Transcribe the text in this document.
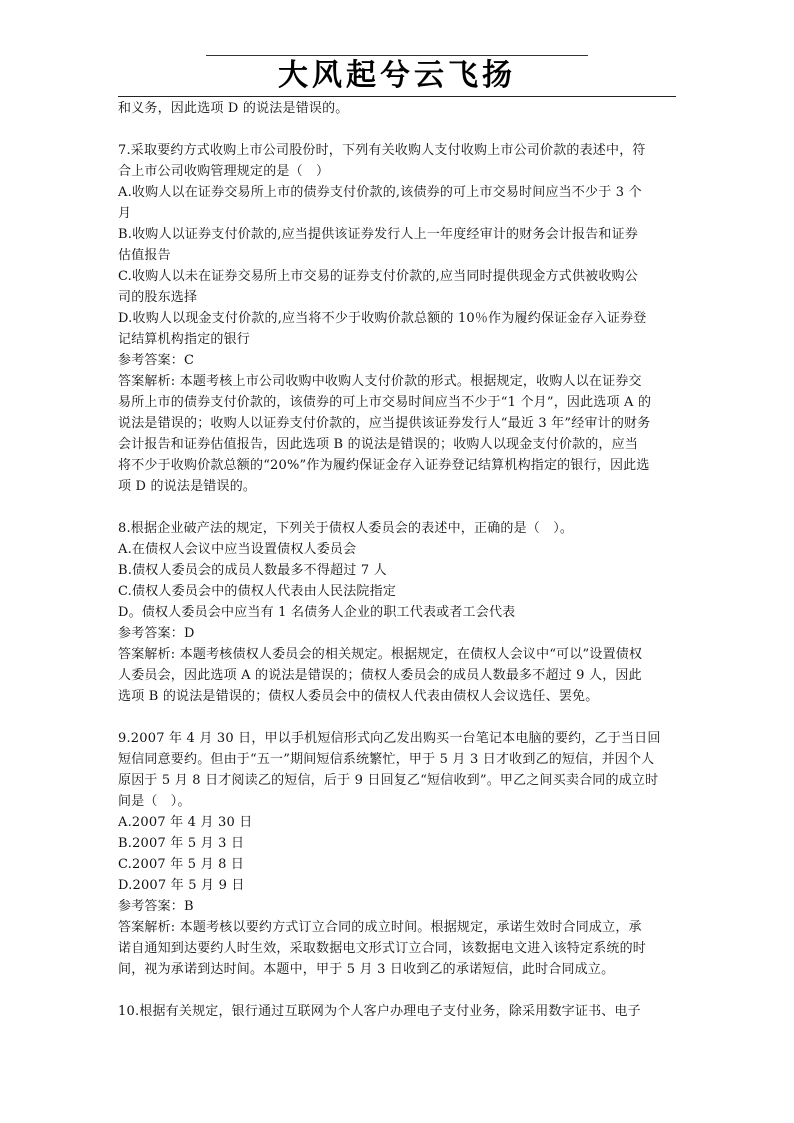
大风起兮云飞扬

和义务，因此选项 D 的说法是错误的。

7.采取要约方式收购上市公司股份时，下列有关收购人支付收购上市公司价款的表述中，符

合上市公司收购管理规定的是（　）

A.收购人以在证券交易所上市的债券支付价款的,该债券的可上市交易时间应当不少于 3 个

月

B.收购人以证券支付价款的,应当提供该证券发行人上一年度经审计的财务会计报告和证券

估值报告

C.收购人以未在证券交易所上市交易的证券支付价款的,应当同时提供现金方式供被收购公

司的股东选择

D.收购人以现金支付价款的,应当将不少于收购价款总额的 10％作为履约保证金存入证券登

记结算机构指定的银行

参考答案：C

答案解析: 本题考核上市公司收购中收购人支付价款的形式。根据规定，收购人以在证券交

易所上市的债券支付价款的，该债券的可上市交易时间应当不少于“1 个月”，因此选项 A 的

说法是错误的；收购人以证券支付价款的，应当提供该证券发行人“最近 3 年”经审计的财务

会计报告和证券估值报告，因此选项 B 的说法是错误的；收购人以现金支付价款的，应当

将不少于收购价款总额的“20%”作为履约保证金存入证券登记结算机构指定的银行，因此选

项 D 的说法是错误的。

8.根据企业破产法的规定，下列关于债权人委员会的表述中，正确的是（　）。

A.在债权人会议中应当设置债权人委员会

B.债权人委员会的成员人数最多不得超过 7 人

C.债权人委员会中的债权人代表由人民法院指定

D。债权人委员会中应当有 1 名债务人企业的职工代表或者工会代表

参考答案：D

答案解析: 本题考核债权人委员会的相关规定。根据规定，在债权人会议中“可以”设置债权

人委员会，因此选项 A 的说法是错误的；债权人委员会的成员人数最多不超过 9 人，因此

选项 B 的说法是错误的；债权人委员会中的债权人代表由债权人会议选任、罢免。

9.2007 年 4 月 30 日，甲以手机短信形式向乙发出购买一台笔记本电脑的要约，乙于当日回

短信同意要约。但由于“五一”期间短信系统繁忙，甲于 5 月 3 日才收到乙的短信，并因个人

原因于 5 月 8 日才阅读乙的短信，后于 9 日回复乙“短信收到”。甲乙之间买卖合同的成立时

间是（　）。

A.2007 年 4 月 30 日

B.2007 年 5 月 3 日

C.2007 年 5 月 8 日

D.2007 年 5 月 9 日

参考答案：B

答案解析: 本题考核以要约方式订立合同的成立时间。根据规定，承诺生效时合同成立，承

诺自通知到达要约人时生效，采取数据电文形式订立合同，该数据电文进入该特定系统的时

间，视为承诺到达时间。本题中，甲于 5 月 3 日收到乙的承诺短信，此时合同成立。

10.根据有关规定，银行通过互联网为个人客户办理电子支付业务，除采用数字证书、电子
